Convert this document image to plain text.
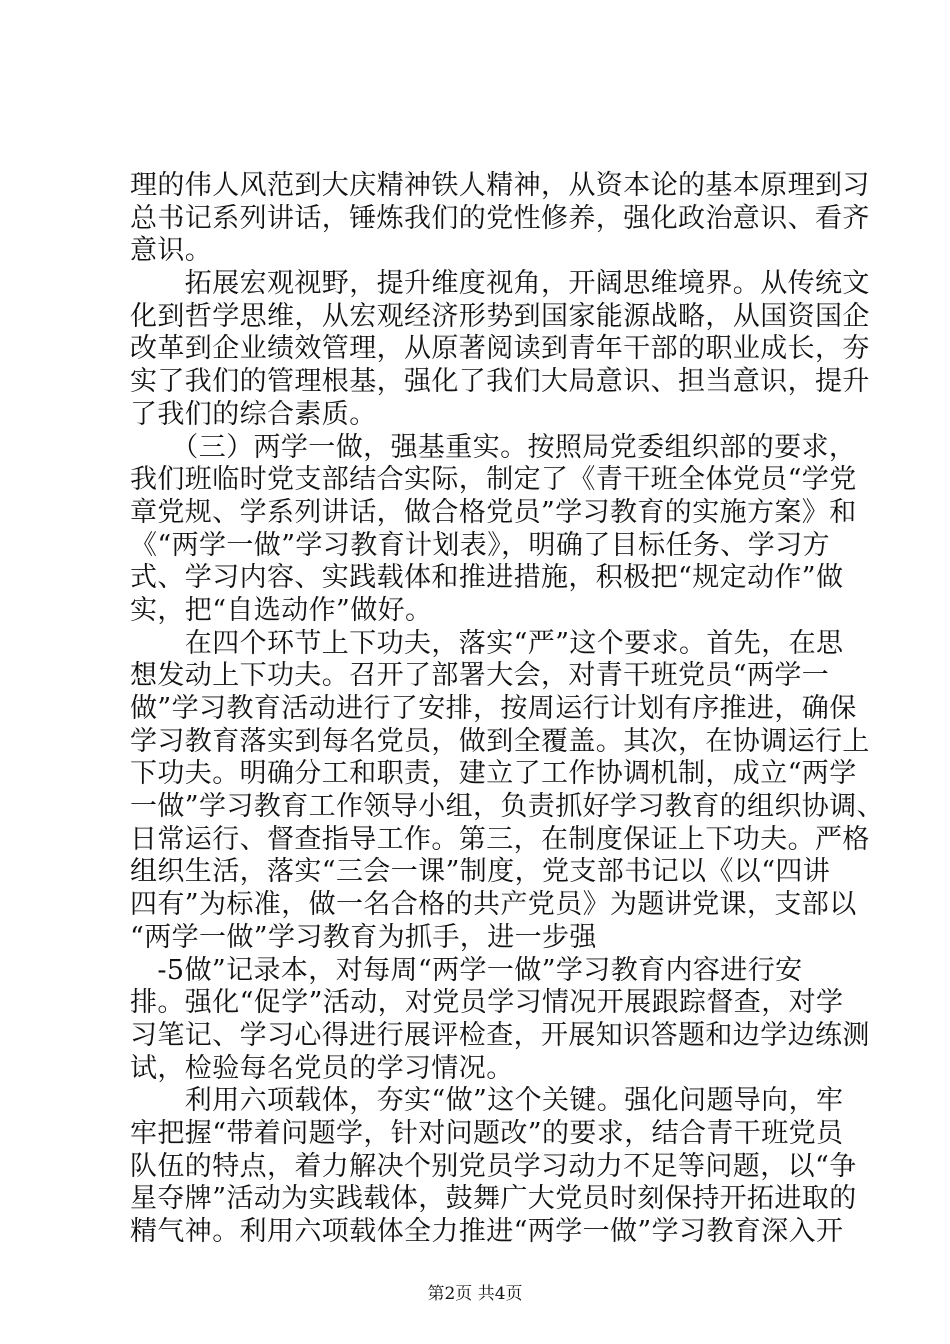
理的伟人风范到大庆精神铁人精神，从资本论的基本原理到习
总书记系列讲话，锤炼我们的党性修养，强化政治意识、看齐
意识。
　　拓展宏观视野，提升维度视角，开阔思维境界。从传统文
化到哲学思维，从宏观经济形势到国家能源战略，从国资国企
改革到企业绩效管理，从原著阅读到青年干部的职业成长，夯
实了我们的管理根基，强化了我们大局意识、担当意识，提升
了我们的综合素质。
　　（三）两学一做，强基重实。按照局党委组织部的要求，
我们班临时党支部结合实际，制定了《青干班全体党员“学党
章党规、学系列讲话，做合格党员”学习教育的实施方案》和
《“两学一做”学习教育计划表》，明确了目标任务、学习方
式、学习内容、实践载体和推进措施，积极把“规定动作”做
实，把“自选动作”做好。
　　在四个环节上下功夫，落实“严”这个要求。首先，在思
想发动上下功夫。召开了部署大会，对青干班党员“两学一
做”学习教育活动进行了安排，按周运行计划有序推进，确保
学习教育落实到每名党员，做到全覆盖。其次，在协调运行上
下功夫。明确分工和职责，建立了工作协调机制，成立“两学
一做”学习教育工作领导小组，负责抓好学习教育的组织协调、
日常运行、督查指导工作。第三，在制度保证上下功夫。严格
组织生活，落实“三会一课”制度，党支部书记以《以“四讲
四有”为标准，做一名合格的共产党员》为题讲党课，支部以
“两学一做”学习教育为抓手，进一步强
　-5做”记录本，对每周“两学一做”学习教育内容进行安
排。强化“促学”活动，对党员学习情况开展跟踪督查，对学
习笔记、学习心得进行展评检查，开展知识答题和边学边练测
试，检验每名党员的学习情况。
　　利用六项载体，夯实“做”这个关键。强化问题导向，牢
牢把握“带着问题学，针对问题改”的要求，结合青干班党员
队伍的特点，着力解决个别党员学习动力不足等问题，以“争
星夺牌”活动为实践载体，鼓舞广大党员时刻保持开拓进取的
精气神。利用六项载体全力推进“两学一做”学习教育深入开
第2页 共4页
